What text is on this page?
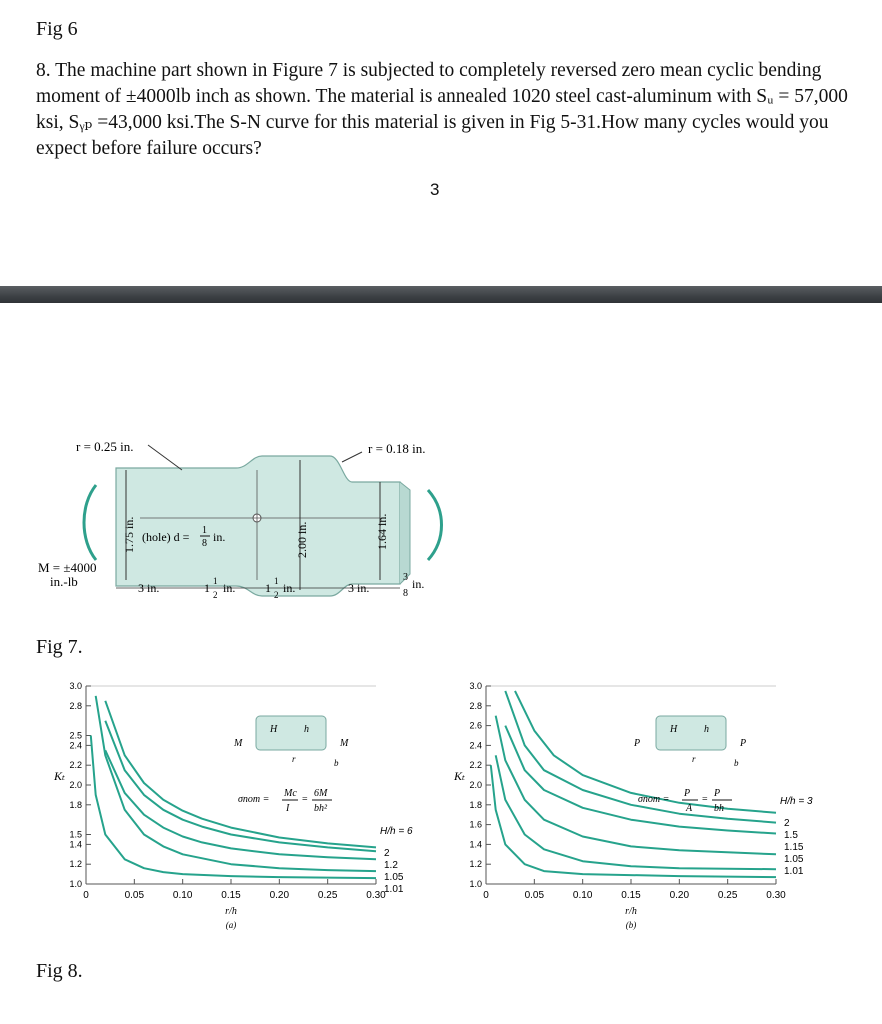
Fig 6

8. The machine part shown in Figure 7 is subjected to completely reversed zero mean cyclic bending moment of ±4000lb inch as shown. The material is annealed 1020 steel cast-aluminum with Sᵤ = 57,000 ksi, Sᵧₚ =43,000 ksi.The S-N curve for this material is given in Fig 5-31.How many cycles would you expect before failure occurs?

3
1.75 in.	2.00 in.	1.64 in.
r = 0.25 in.	r = 0.18 in.
(hole) d = 1
8 in.
M = ±4000
in.-lb	3 in.	1 1
2 in. 1 1
2 in.	3 in.
3
8
in.
Fig 7.
Fig 8.
1.0
1.2
1.4
1.5
1.8
2.0
2.2
2.4
2.5
2.8
3.0
0	0.05	0.10	0.15	0.20	0.25	0.30
Kₜ
r/h
(a)
H/h = 6
2
1.2
1.05
1.01
H	h
r	b
M	M
σnom =
Mc
I
=
6M
bh²
1.0
1.2
1.4
1.6
1.8
2.0
2.2
2.4
2.6
2.8
3.0
0	0.05	0.10	0.15	0.20	0.25	0.30
Kₜ
r/h
(b)
H/h = 3
2
1.5
1.15
1.05
1.01
H	h
r	b
P	P
σnom =
P
A
=
P
bh
